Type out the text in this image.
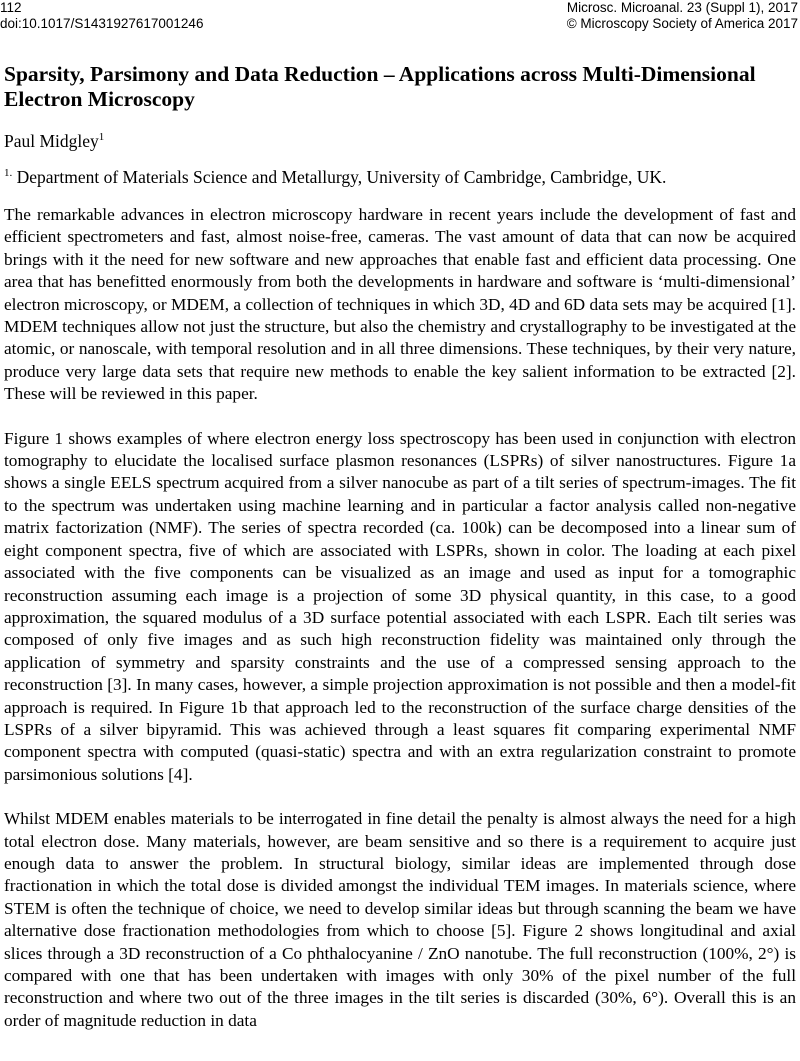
112
doi:10.1017/S1431927617001246
Microsc. Microanal. 23 (Suppl 1), 2017
© Microscopy Society of America 2017
Sparsity, Parsimony and Data Reduction – Applications across Multi-Dimensional Electron Microscopy
Paul Midgley$^1$
$^{1.}$ Department of Materials Science and Metallurgy, University of Cambridge, Cambridge, UK.

The remarkable advances in electron microscopy hardware in recent years include the development of fast and efficient spectrometers and fast, almost noise-free, cameras. The vast amount of data that can now be acquired brings with it the need for new software and new approaches that enable fast and efficient data processing. One area that has benefitted enormously from both the developments in hardware and software is ‘multi-dimensional’ electron microscopy, or MDEM, a collection of techniques in which 3D, 4D and 6D data sets may be acquired [1]. MDEM techniques allow not just the structure, but also the chemistry and crystallography to be investigated at the atomic, or nanoscale, with temporal resolution and in all three dimensions. These techniques, by their very nature, produce very large data sets that require new methods to enable the key salient information to be extracted [2]. These will be reviewed in this paper.

Figure 1 shows examples of where electron energy loss spectroscopy has been used in conjunction with electron tomography to elucidate the localised surface plasmon resonances (LSPRs) of silver nanostructures. Figure 1a shows a single EELS spectrum acquired from a silver nanocube as part of a tilt series of spectrum-images. The fit to the spectrum was undertaken using machine learning and in particular a factor analysis called non-negative matrix factorization (NMF). The series of spectra recorded (ca. 100k) can be decomposed into a linear sum of eight component spectra, five of which are associated with LSPRs, shown in color. The loading at each pixel associated with the five components can be visualized as an image and used as input for a tomographic reconstruction assuming each image is a projection of some 3D physical quantity, in this case, to a good approximation, the squared modulus of a 3D surface potential associated with each LSPR. Each tilt series was composed of only five images and as such high reconstruction fidelity was maintained only through the application of symmetry and sparsity constraints and the use of a compressed sensing approach to the reconstruction [3]. In many cases, however, a simple projection approximation is not possible and then a model-fit approach is required. In Figure 1b that approach led to the reconstruction of the surface charge densities of the LSPRs of a silver bipyramid. This was achieved through a least squares fit comparing experimental NMF component spectra with computed (quasi-static) spectra and with an extra regularization constraint to promote parsimonious solutions [4].

Whilst MDEM enables materials to be interrogated in fine detail the penalty is almost always the need for a high total electron dose. Many materials, however, are beam sensitive and so there is a requirement to acquire just enough data to answer the problem. In structural biology, similar ideas are implemented through dose fractionation in which the total dose is divided amongst the individual TEM images. In materials science, where STEM is often the technique of choice, we need to develop similar ideas but through scanning the beam we have alternative dose fractionation methodologies from which to choose [5]. Figure 2 shows longitudinal and axial slices through a 3D reconstruction of a Co phthalocyanine / ZnO nanotube. The full reconstruction (100%, 2°) is compared with one that has been undertaken with images with only 30% of the pixel number of the full reconstruction and where two out of the three images in the tilt series is discarded (30%, 6°). Overall this is an order of magnitude reduction in data
